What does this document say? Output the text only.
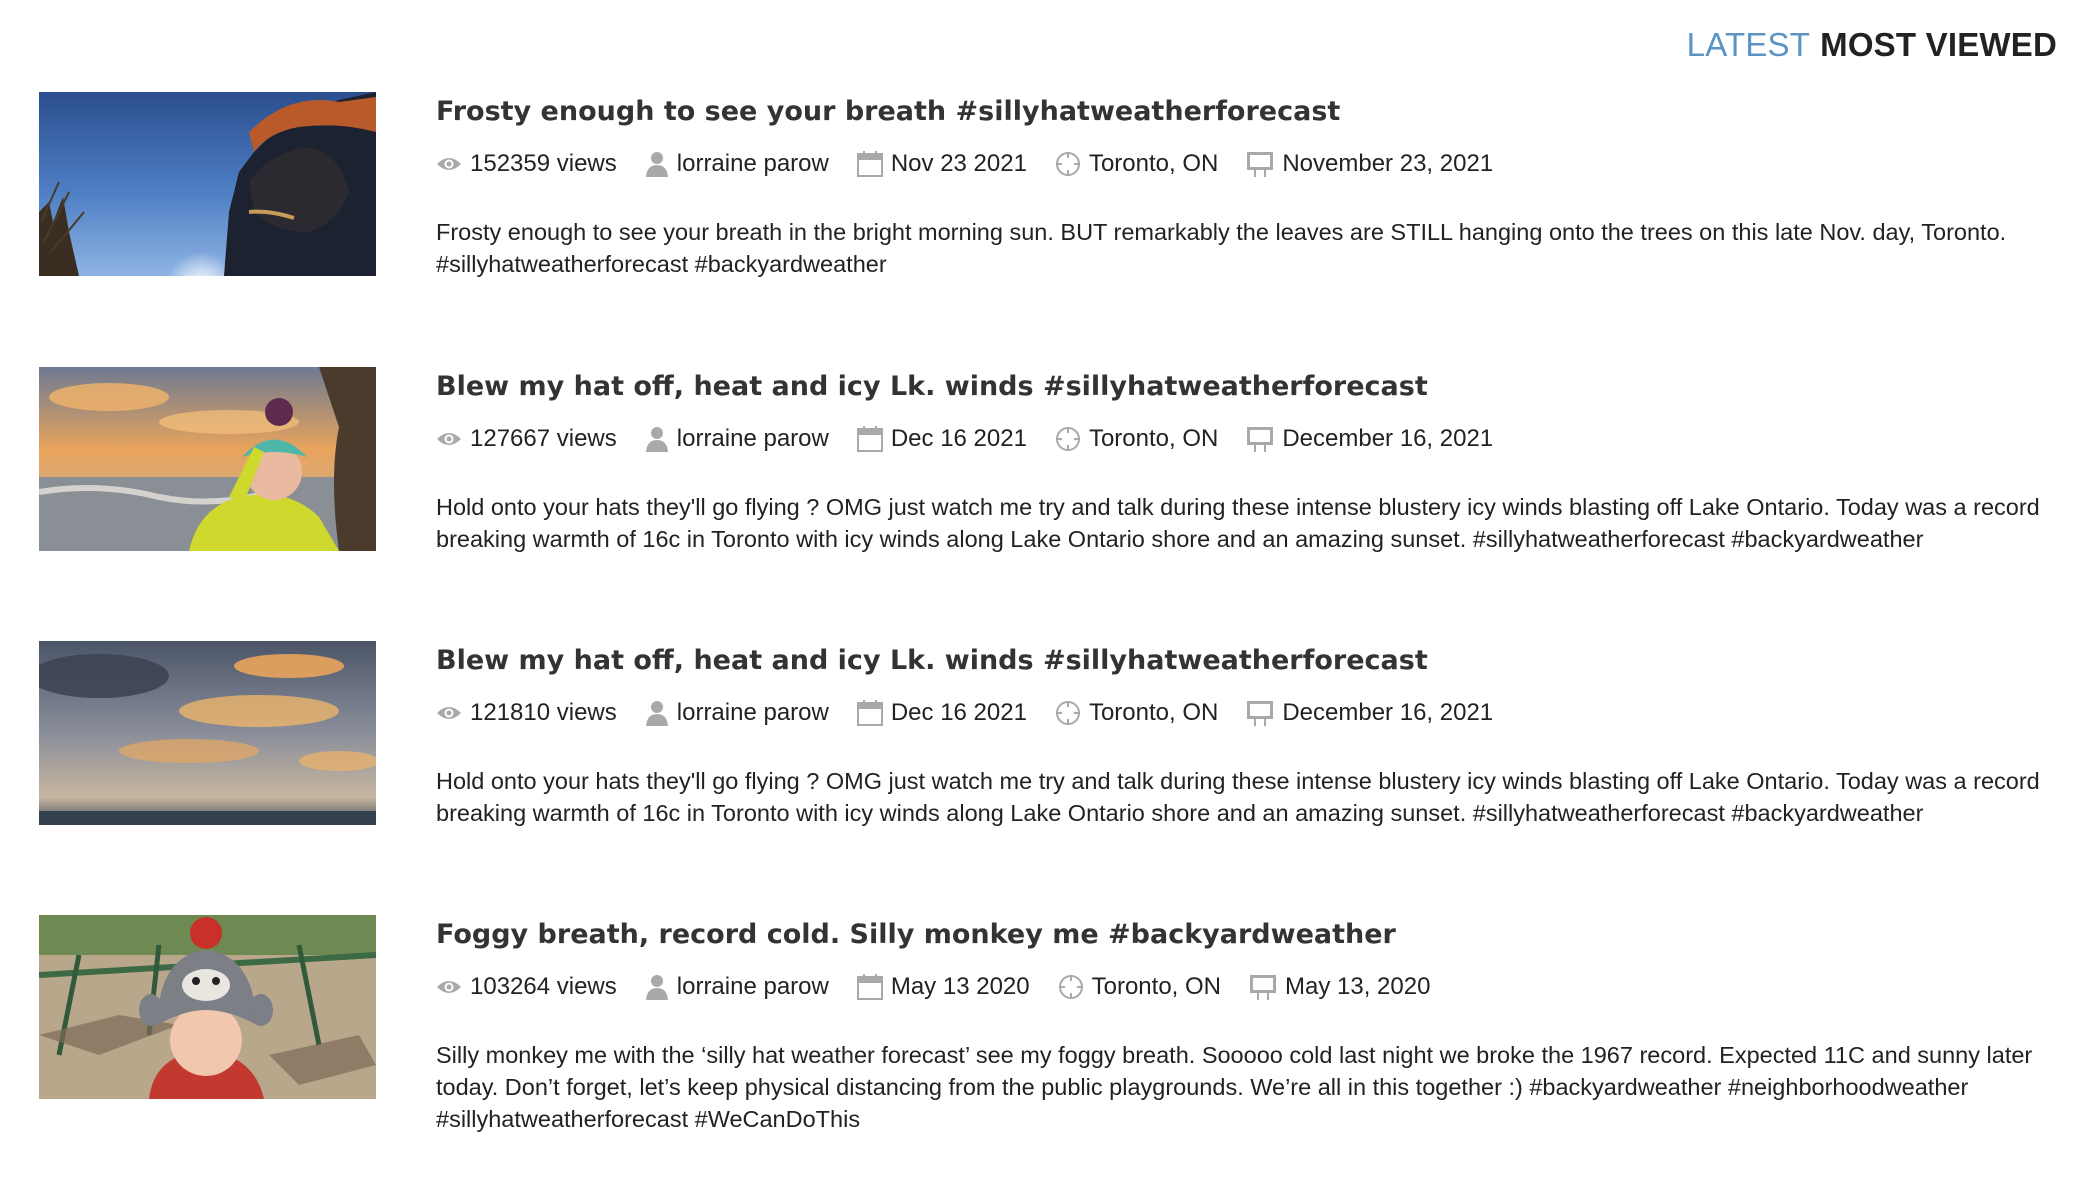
LATEST MOST VIEWED
Frosty enough to see your breath #sillyhatweatherforecast
152359 views	lorraine parow	Nov 23 2021	Toronto, ON	November 23, 2021

Frosty enough to see your breath in the bright morning sun. BUT remarkably the leaves are STILL hanging onto the trees on this late Nov. day, Toronto. #sillyhatweatherforecast #backyardweather

Blew my hat off, heat and icy Lk. winds #sillyhatweatherforecast
127667 views	lorraine parow	Dec 16 2021	Toronto, ON	December 16, 2021

Hold onto your hats they'll go flying ? OMG just watch me try and talk during these intense blustery icy winds blasting off Lake Ontario. Today was a record breaking warmth of 16c in Toronto with icy winds along Lake Ontario shore and an amazing sunset. #sillyhatweatherforecast #backyardweather

Blew my hat off, heat and icy Lk. winds #sillyhatweatherforecast
121810 views	lorraine parow	Dec 16 2021	Toronto, ON	December 16, 2021

Hold onto your hats they'll go flying ? OMG just watch me try and talk during these intense blustery icy winds blasting off Lake Ontario. Today was a record breaking warmth of 16c in Toronto with icy winds along Lake Ontario shore and an amazing sunset. #sillyhatweatherforecast #backyardweather

Foggy breath, record cold. Silly monkey me #backyardweather
103264 views	lorraine parow	May 13 2020	Toronto, ON	May 13, 2020

Silly monkey me with the ‘silly hat weather forecast’ see my foggy breath. Sooooo cold last night we broke the 1967 record. Expected 11C and sunny later today. Don’t forget, let’s keep physical distancing from the public playgrounds. We’re all in this together :) #backyardweather #neighborhoodweather #sillyhatweatherforecast #WeCanDoThis
